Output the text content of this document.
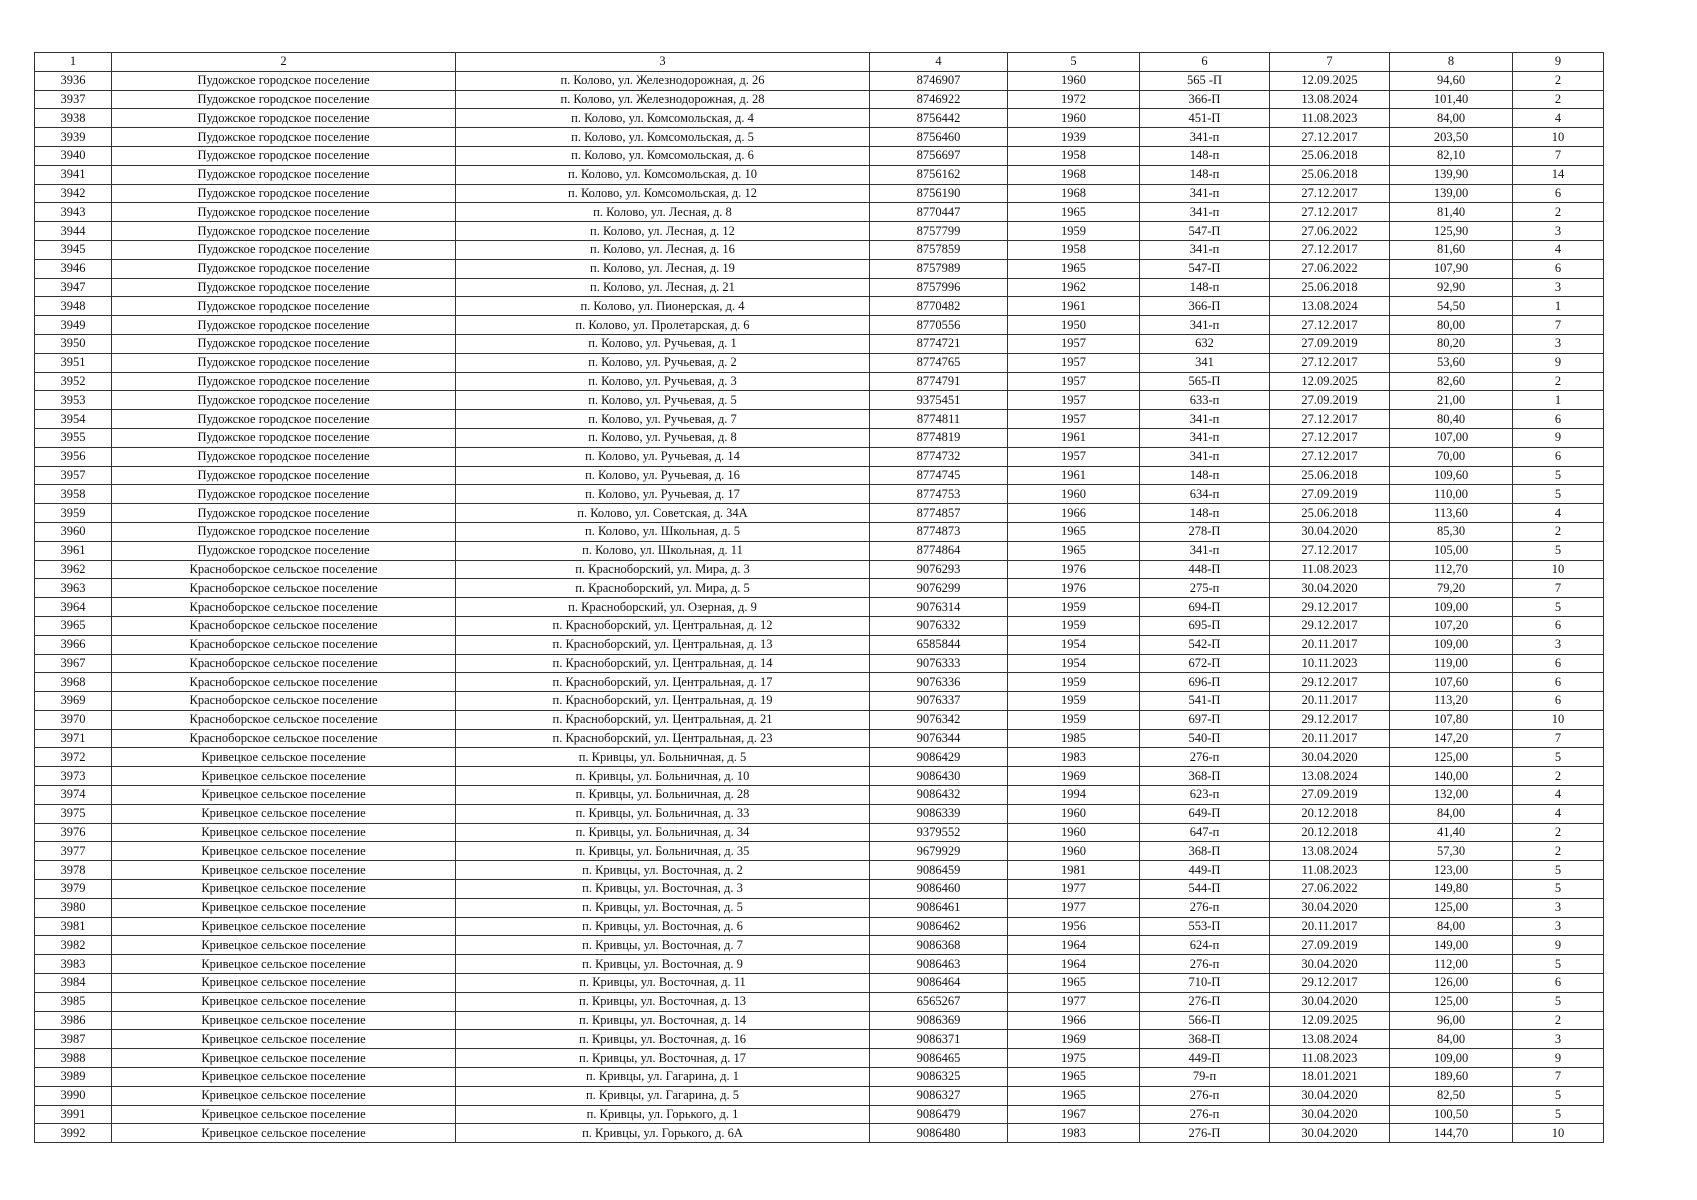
1	2	3	4	5	6	7	8	9
3936	Пудожское городское поселение	п. Колово, ул. Железнодорожная, д. 26	8746907	1960	565 -П	12.09.2025	94,60	2
3937	Пудожское городское поселение	п. Колово, ул. Железнодорожная, д. 28	8746922	1972	366-П	13.08.2024	101,40	2
3938	Пудожское городское поселение	п. Колово, ул. Комсомольская, д. 4	8756442	1960	451-П	11.08.2023	84,00	4
3939	Пудожское городское поселение	п. Колово, ул. Комсомольская, д. 5	8756460	1939	341-п	27.12.2017	203,50	10
3940	Пудожское городское поселение	п. Колово, ул. Комсомольская, д. 6	8756697	1958	148-п	25.06.2018	82,10	7
3941	Пудожское городское поселение	п. Колово, ул. Комсомольская, д. 10	8756162	1968	148-п	25.06.2018	139,90	14
3942	Пудожское городское поселение	п. Колово, ул. Комсомольская, д. 12	8756190	1968	341-п	27.12.2017	139,00	6
3943	Пудожское городское поселение	п. Колово, ул. Лесная, д. 8	8770447	1965	341-п	27.12.2017	81,40	2
3944	Пудожское городское поселение	п. Колово, ул. Лесная, д. 12	8757799	1959	547-П	27.06.2022	125,90	3
3945	Пудожское городское поселение	п. Колово, ул. Лесная, д. 16	8757859	1958	341-п	27.12.2017	81,60	4
3946	Пудожское городское поселение	п. Колово, ул. Лесная, д. 19	8757989	1965	547-П	27.06.2022	107,90	6
3947	Пудожское городское поселение	п. Колово, ул. Лесная, д. 21	8757996	1962	148-п	25.06.2018	92,90	3
3948	Пудожское городское поселение	п. Колово, ул. Пионерская, д. 4	8770482	1961	366-П	13.08.2024	54,50	1
3949	Пудожское городское поселение	п. Колово, ул. Пролетарская, д. 6	8770556	1950	341-п	27.12.2017	80,00	7
3950	Пудожское городское поселение	п. Колово, ул. Ручьевая, д. 1	8774721	1957	632	27.09.2019	80,20	3
3951	Пудожское городское поселение	п. Колово, ул. Ручьевая, д. 2	8774765	1957	341	27.12.2017	53,60	9
3952	Пудожское городское поселение	п. Колово, ул. Ручьевая, д. 3	8774791	1957	565-П	12.09.2025	82,60	2
3953	Пудожское городское поселение	п. Колово, ул. Ручьевая, д. 5	9375451	1957	633-п	27.09.2019	21,00	1
3954	Пудожское городское поселение	п. Колово, ул. Ручьевая, д. 7	8774811	1957	341-п	27.12.2017	80,40	6
3955	Пудожское городское поселение	п. Колово, ул. Ручьевая, д. 8	8774819	1961	341-п	27.12.2017	107,00	9
3956	Пудожское городское поселение	п. Колово, ул. Ручьевая, д. 14	8774732	1957	341-п	27.12.2017	70,00	6
3957	Пудожское городское поселение	п. Колово, ул. Ручьевая, д. 16	8774745	1961	148-п	25.06.2018	109,60	5
3958	Пудожское городское поселение	п. Колово, ул. Ручьевая, д. 17	8774753	1960	634-п	27.09.2019	110,00	5
3959	Пудожское городское поселение	п. Колово, ул. Советская, д. 34А	8774857	1966	148-п	25.06.2018	113,60	4
3960	Пудожское городское поселение	п. Колово, ул. Школьная, д. 5	8774873	1965	278-П	30.04.2020	85,30	2
3961	Пудожское городское поселение	п. Колово, ул. Школьная, д. 11	8774864	1965	341-п	27.12.2017	105,00	5
3962	Красноборское сельское поселение	п. Красноборский, ул. Мира, д. 3	9076293	1976	448-П	11.08.2023	112,70	10
3963	Красноборское сельское поселение	п. Красноборский, ул. Мира, д. 5	9076299	1976	275-п	30.04.2020	79,20	7
3964	Красноборское сельское поселение	п. Красноборский, ул. Озерная, д. 9	9076314	1959	694-П	29.12.2017	109,00	5
3965	Красноборское сельское поселение	п. Красноборский, ул. Центральная, д. 12	9076332	1959	695-П	29.12.2017	107,20	6
3966	Красноборское сельское поселение	п. Красноборский, ул. Центральная, д. 13	6585844	1954	542-П	20.11.2017	109,00	3
3967	Красноборское сельское поселение	п. Красноборский, ул. Центральная, д. 14	9076333	1954	672-П	10.11.2023	119,00	6
3968	Красноборское сельское поселение	п. Красноборский, ул. Центральная, д. 17	9076336	1959	696-П	29.12.2017	107,60	6
3969	Красноборское сельское поселение	п. Красноборский, ул. Центральная, д. 19	9076337	1959	541-П	20.11.2017	113,20	6
3970	Красноборское сельское поселение	п. Красноборский, ул. Центральная, д. 21	9076342	1959	697-П	29.12.2017	107,80	10
3971	Красноборское сельское поселение	п. Красноборский, ул. Центральная, д. 23	9076344	1985	540-П	20.11.2017	147,20	7
3972	Кривецкое сельское поселение	п. Кривцы, ул. Больничная, д. 5	9086429	1983	276-п	30.04.2020	125,00	5
3973	Кривецкое сельское поселение	п. Кривцы, ул. Больничная, д. 10	9086430	1969	368-П	13.08.2024	140,00	2
3974	Кривецкое сельское поселение	п. Кривцы, ул. Больничная, д. 28	9086432	1994	623-п	27.09.2019	132,00	4
3975	Кривецкое сельское поселение	п. Кривцы, ул. Больничная, д. 33	9086339	1960	649-П	20.12.2018	84,00	4
3976	Кривецкое сельское поселение	п. Кривцы, ул. Больничная, д. 34	9379552	1960	647-п	20.12.2018	41,40	2
3977	Кривецкое сельское поселение	п. Кривцы, ул. Больничная, д. 35	9679929	1960	368-П	13.08.2024	57,30	2
3978	Кривецкое сельское поселение	п. Кривцы, ул. Восточная, д. 2	9086459	1981	449-П	11.08.2023	123,00	5
3979	Кривецкое сельское поселение	п. Кривцы, ул. Восточная, д. 3	9086460	1977	544-П	27.06.2022	149,80	5
3980	Кривецкое сельское поселение	п. Кривцы, ул. Восточная, д. 5	9086461	1977	276-п	30.04.2020	125,00	3
3981	Кривецкое сельское поселение	п. Кривцы, ул. Восточная, д. 6	9086462	1956	553-П	20.11.2017	84,00	3
3982	Кривецкое сельское поселение	п. Кривцы, ул. Восточная, д. 7	9086368	1964	624-п	27.09.2019	149,00	9
3983	Кривецкое сельское поселение	п. Кривцы, ул. Восточная, д. 9	9086463	1964	276-п	30.04.2020	112,00	5
3984	Кривецкое сельское поселение	п. Кривцы, ул. Восточная, д. 11	9086464	1965	710-П	29.12.2017	126,00	6
3985	Кривецкое сельское поселение	п. Кривцы, ул. Восточная, д. 13	6565267	1977	276-П	30.04.2020	125,00	5
3986	Кривецкое сельское поселение	п. Кривцы, ул. Восточная, д. 14	9086369	1966	566-П	12.09.2025	96,00	2
3987	Кривецкое сельское поселение	п. Кривцы, ул. Восточная, д. 16	9086371	1969	368-П	13.08.2024	84,00	3
3988	Кривецкое сельское поселение	п. Кривцы, ул. Восточная, д. 17	9086465	1975	449-П	11.08.2023	109,00	9
3989	Кривецкое сельское поселение	п. Кривцы, ул. Гагарина, д. 1	9086325	1965	79-п	18.01.2021	189,60	7
3990	Кривецкое сельское поселение	п. Кривцы, ул. Гагарина, д. 5	9086327	1965	276-п	30.04.2020	82,50	5
3991	Кривецкое сельское поселение	п. Кривцы, ул. Горького, д. 1	9086479	1967	276-п	30.04.2020	100,50	5
3992	Кривецкое сельское поселение	п. Кривцы, ул. Горького, д. 6А	9086480	1983	276-П	30.04.2020	144,70	10
